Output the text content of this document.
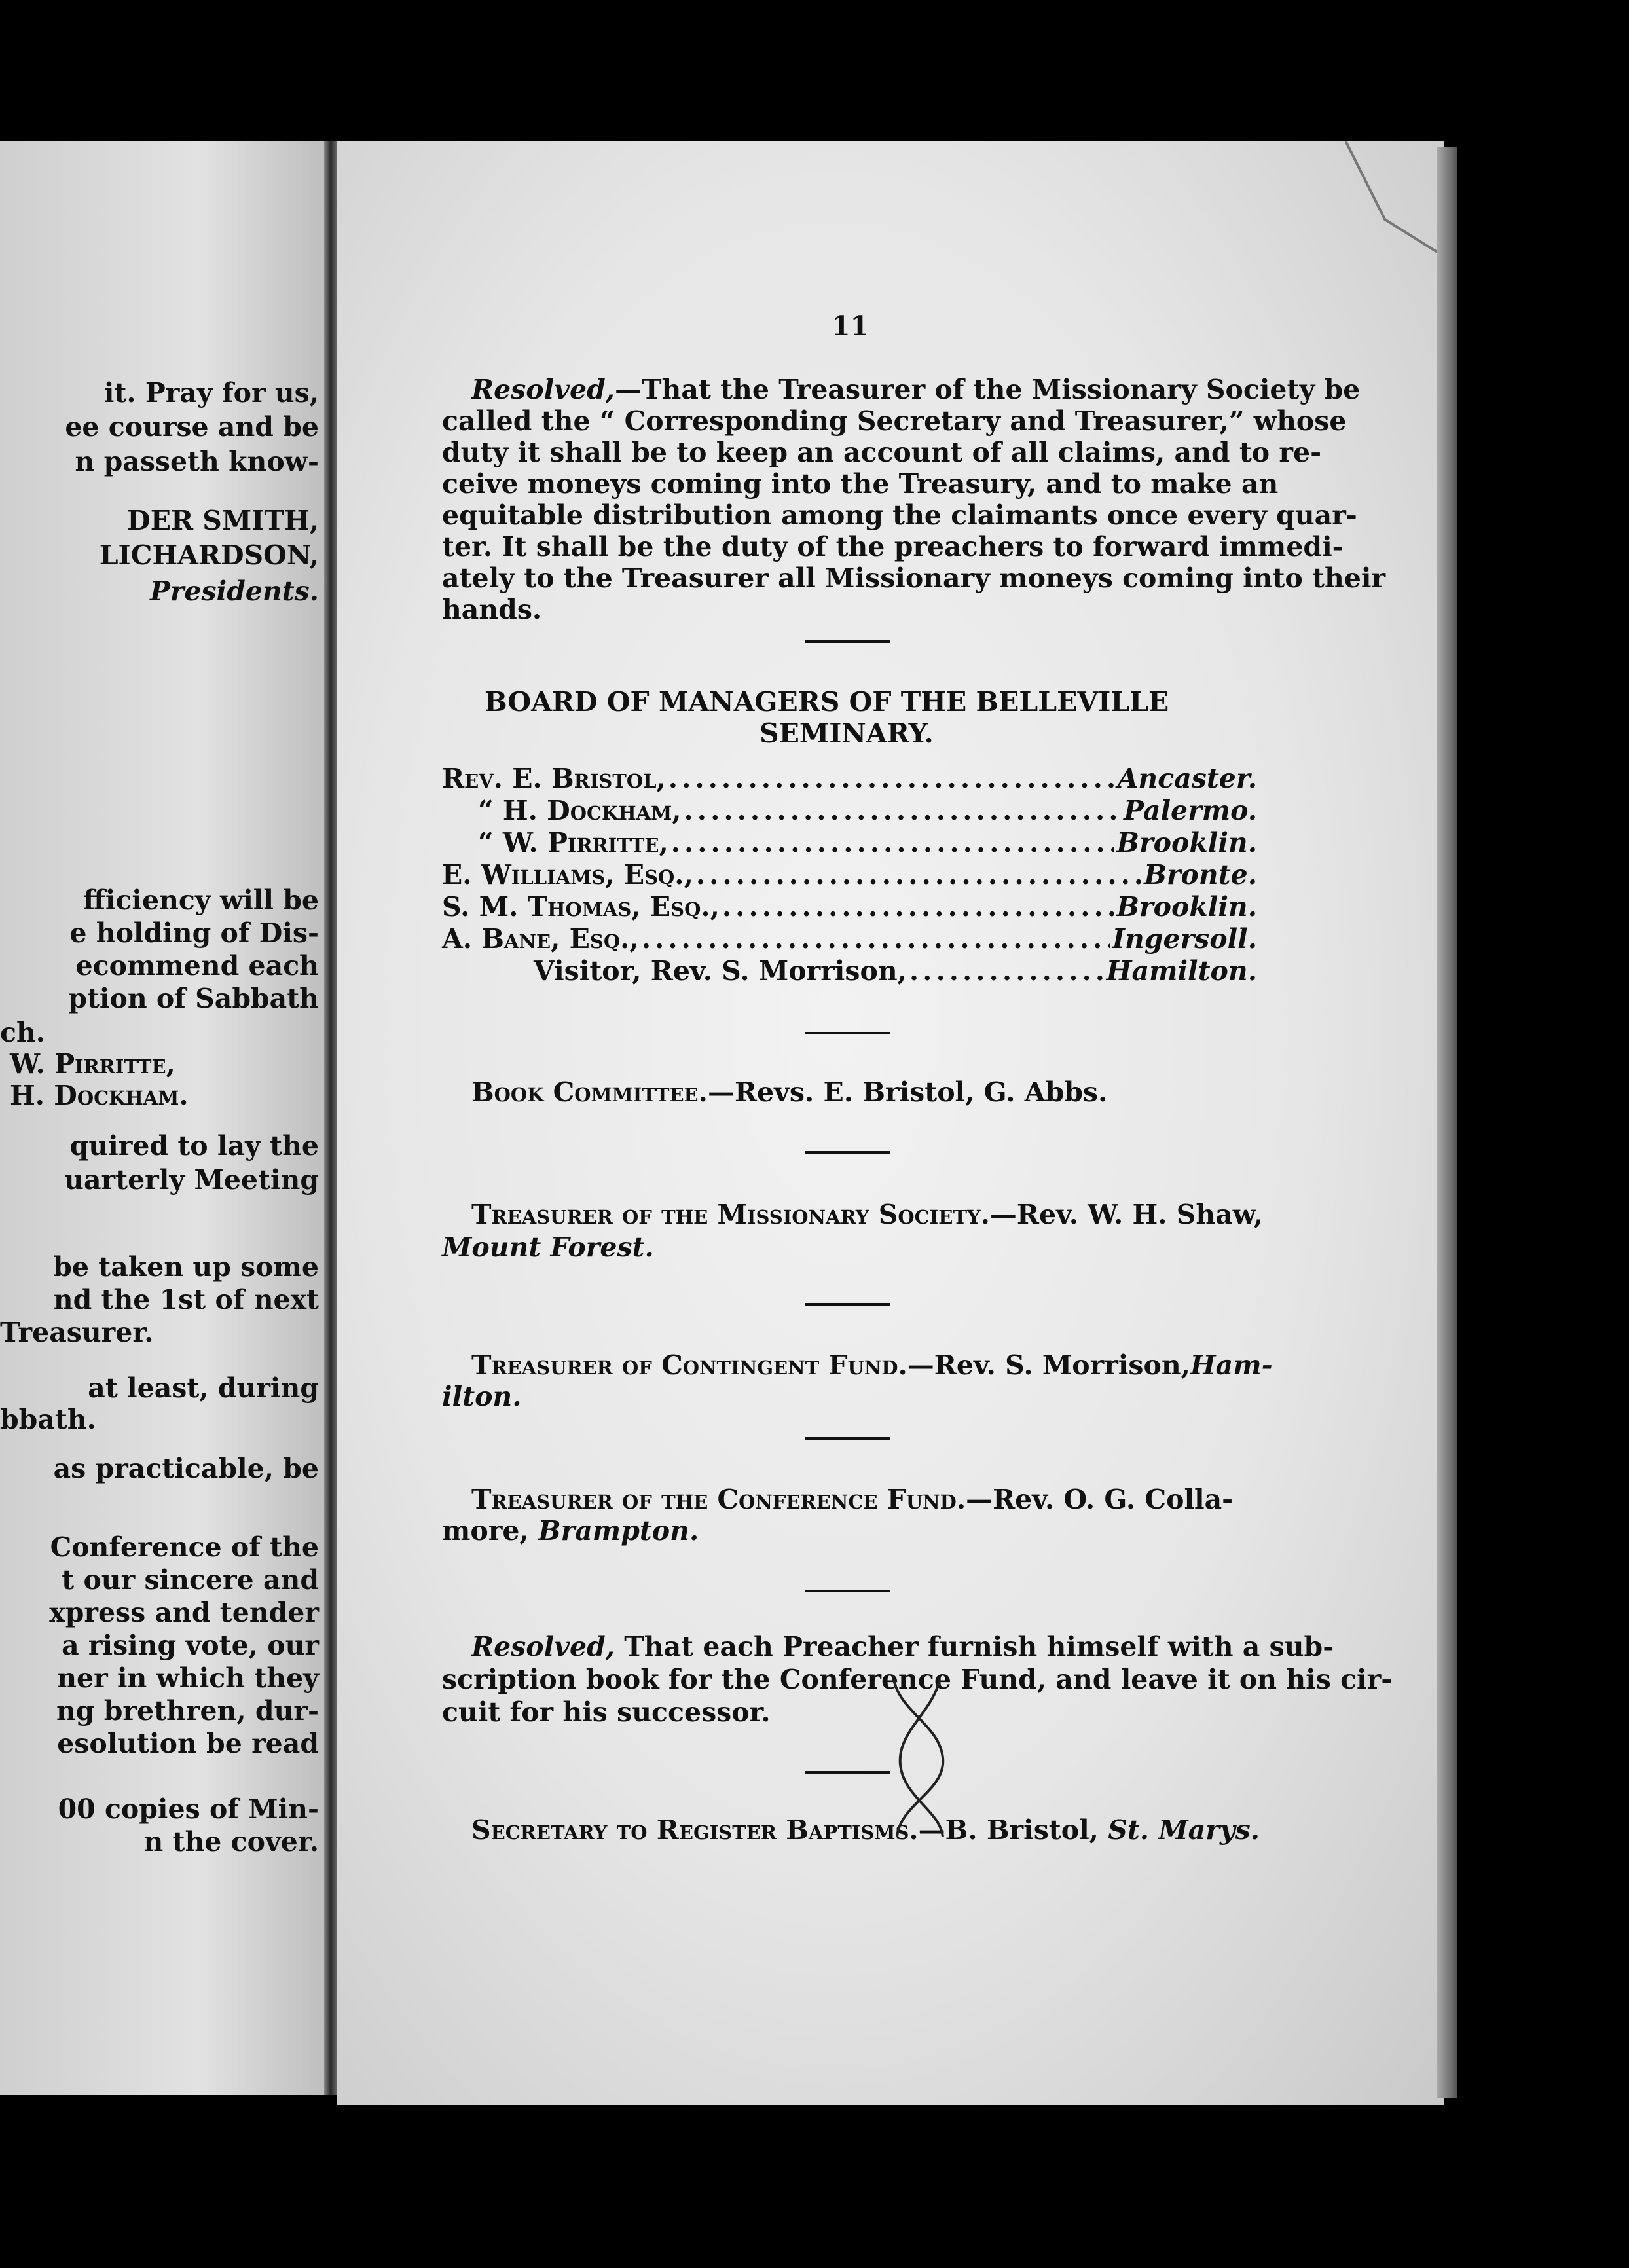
it. Pray for us,
ee course and be
n passeth know-
DER SMITH,
LICHARDSON,
Presidents.
fficiency will be
e holding of Dis-
ecommend each
ption of Sabbath
ch.
W. Pirritte,
H. Dockham.
quired to lay the
uarterly Meeting
be taken up some
nd the 1st of next
Treasurer.
at least, during
bbath.
as practicable, be
Conference of the
t our sincere and
xpress and tender
a rising vote, our
ner in which they
ng brethren, dur-
esolution be read
00 copies of Min-
n the cover.
11
Resolved,—That the Treasurer of the Missionary Society be
called the “ Corresponding Secretary and Treasurer,” whose
duty it shall be to keep an account of all claims, and to re-
ceive moneys coming into the Treasury, and to make an
equitable distribution among the claimants once every quar-
ter. It shall be the duty of the preachers to forward immedi-
ately to the Treasurer all Missionary moneys coming into their
hands.
BOARD OF MANAGERS OF THE BELLEVILLE
SEMINARY.
Rev. E. Bristol, .....	Ancaster.
“ H. Dockham, .....	Palermo.
“ W. Pirritte, .....	Brooklin.
E. Williams, Esq., .....	Bronte.
S. M. Thomas, Esq., .....	Brooklin.
A. Bane, Esq., .....	Ingersoll.
Visitor, Rev. S. Morrison, .....	Hamilton.
Book Committee.—Revs. E. Bristol, G. Abbs.
Treasurer of the Missionary Society.—Rev. W. H. Shaw,
Mount Forest.
Treasurer of Contingent Fund.—Rev. S. Morrison,Ham-
ilton.
Treasurer of the Conference Fund.—Rev. O. G. Colla-
more, Brampton.
Resolved, That each Preacher furnish himself with a sub-
scription book for the Conference Fund, and leave it on his cir-
cuit for his successor.
Secretary to Register Baptisms.—B. Bristol, St. Marys.
